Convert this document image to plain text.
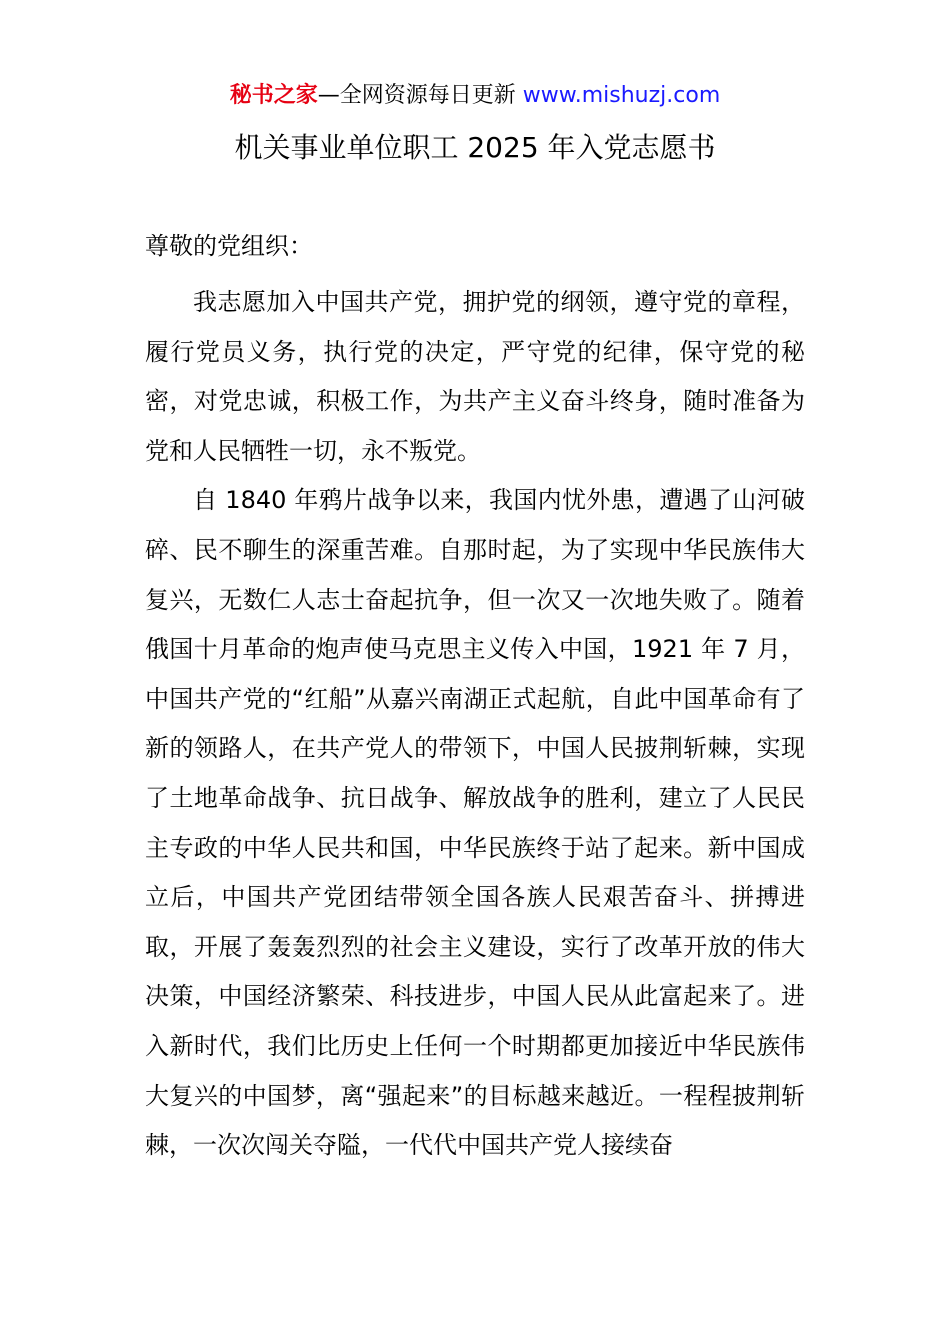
秘书之家—全网资源每日更新 www.mishuzj.com
机关事业单位职工 2025 年入党志愿书
尊敬的党组织：

我志愿加入中国共产党，拥护党的纲领，遵守党的章程，履行党员义务，执行党的决定，严守党的纪律，保守党的秘密，对党忠诚，积极工作，为共产主义奋斗终身，随时准备为党和人民牺牲一切，永不叛党。

自 1840 年鸦片战争以来，我国内忧外患，遭遇了山河破碎、民不聊生的深重苦难。自那时起，为了实现中华民族伟大复兴，无数仁人志士奋起抗争，但一次又一次地失败了。随着俄国十月革命的炮声使马克思主义传入中国，1921 年 7 月，中国共产党的“红船”从嘉兴南湖正式起航，自此中国革命有了新的领路人，在共产党人的带领下，中国人民披荆斩棘，实现了土地革命战争、抗日战争、解放战争的胜利，建立了人民民主专政的中华人民共和国，中华民族终于站了起来。新中国成立后，中国共产党团结带领全国各族人民艰苦奋斗、拼搏进取，开展了轰轰烈烈的社会主义建设，实行了改革开放的伟大决策，中国经济繁荣、科技进步，中国人民从此富起来了。进入新时代，我们比历史上任何一个时期都更加接近中华民族伟大复兴的中国梦，离“强起来”的目标越来越近。一程程披荆斩棘，一次次闯关夺隘，一代代中国共产党人接续奋
